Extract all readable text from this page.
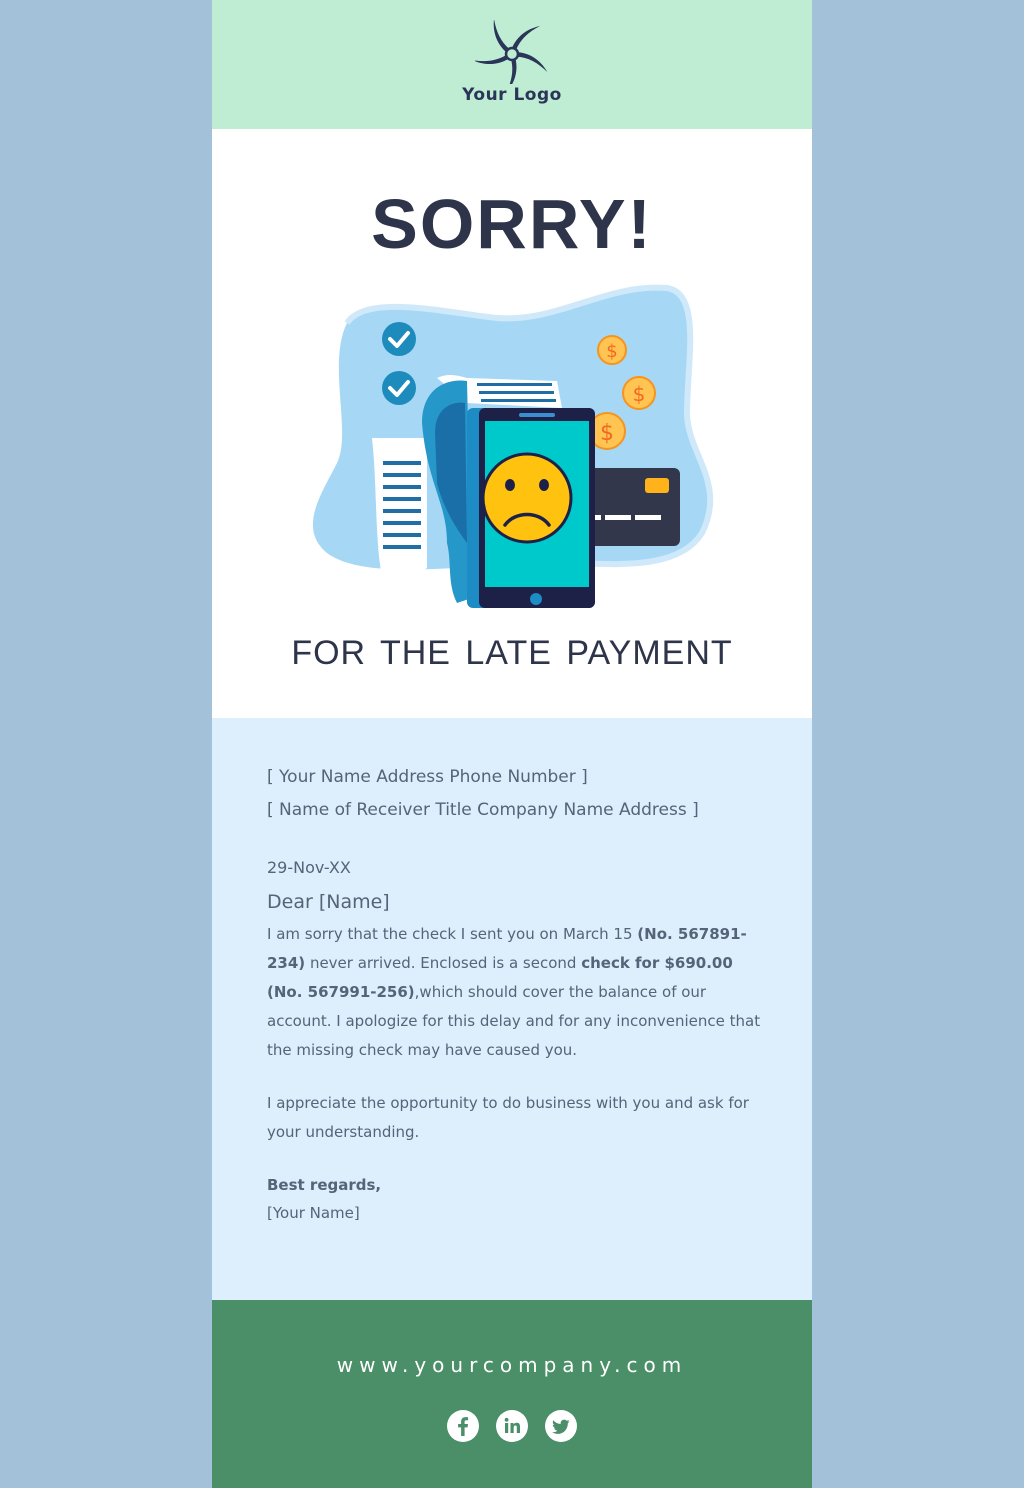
Your Logo
SORRY!
$
$
$
FOR THE LATE PAYMENT
[ Your Name Address Phone Number ]
[ Name of Receiver Title Company Name Address ]
29-Nov-XX
Dear [Name]
I am sorry that the check I sent you on March 15 (No. 567891-234) never arrived. Enclosed is a second check for $690.00 (No. 567991-256),which should cover the balance of our account. I apologize for this delay and for any inconvenience that the missing check may have caused you.
I appreciate the opportunity to do business with you and ask for your understanding.
Best regards,
[Your Name]
www.yourcompany.com
